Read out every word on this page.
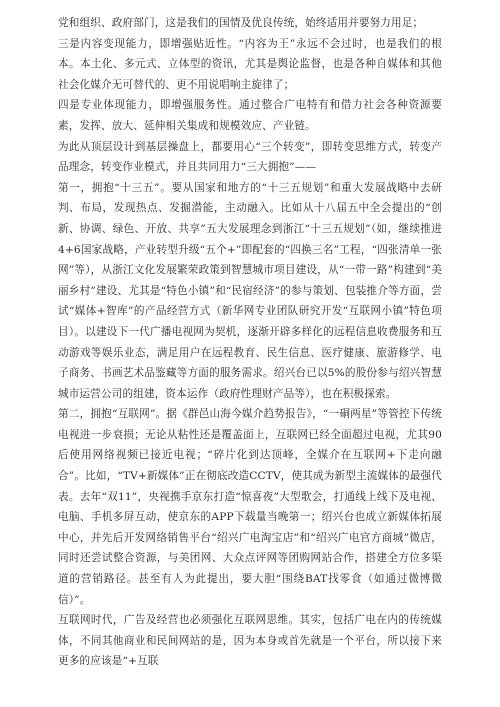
党和组织、政府部门，这是我们的国情及优良传统，始终适用并要努力用足；

三是内容变现能力，即增强贴近性。“内容为王”永远不会过时，也是我们的根本。本土化、多元式、立体型的资讯，尤其是舆论监督，也是各种自媒体和其他社会化媒介无可替代的、更不用说唱响主旋律了；

四是专业体现能力，即增强服务性。通过整合广电特有和借力社会各种资源要素，发挥、放大、延伸相关集成和规模效应、产业链。

为此从顶层设计到基层操盘上，都要用心“三个转变”，即转变思维方式，转变产品理念，转变作业模式，并且共同用力“三大拥抱”——

第一，拥抱“十三五”。要从国家和地方的“十三五规划”和重大发展战略中去研判、布局，发现热点、发掘潜能，主动融入。比如从十八届五中全会提出的“创新、协调、绿色、开放、共享”五大发展理念到浙江“十三五规划”（如，继续推进4+6国家战略，产业转型升级“五个+”即配套的“四换三名”工程，“四张清单一张网”等），从浙江文化发展繁荣政策到智慧城市项目建设，从“一带一路”构建到“美丽乡村”建设、尤其是“特色小镇”和“民宿经济”的参与策划、包装推介等方面，尝试“媒体+智库”的产品经营方式（新华网专业团队研究开发“互联网小镇”特色项目）。以建设下一代广播电视网为契机，逐渐开辟多样化的远程信息收费服务和互动游戏等娱乐业态，满足用户在远程教育、民生信息、医疗健康、旅游修学、电子商务、书画艺术品鉴藏等方面的服务需求。绍兴台已以5%的股份参与绍兴智慧城市运营公司的组建，资本运作（政府性理财产品等），也在积极探索。

第二，拥抱“互联网”。据《群邑山海今媒介趋势报告》，“一硐两星”等管控下传统电视进一步衰损；无论从粘性还是覆盖面上，互联网已经全面超过电视，尤其90后使用网络视频已接近电视；“碎片化到达顶峰，全媒介在互联网+下走向融合”。比如，“TV+新媒体”正在彻底改造CCTV，使其成为新型主流媒体的最强代表。去年“双11”，央视携手京东打造“惊喜夜”大型歌会，打通线上线下及电视、电脑、手机多屏互动，使京东的APP下载量当晚第一；绍兴台也成立新媒体拓展中心，并先后开发网络销售平台“绍兴广电淘宝店”和“绍兴广电官方商城”微店，同时还尝试整合资源，与美团网、大众点评网等团购网站合作，搭建全方位多渠道的营销路径。甚至有人为此提出，要大胆“围绕BAT找零食（如通过微博微信）”。

互联网时代，广告及经营也必须强化互联网思维。其实，包括广电在内的传统媒体，不同其他商业和民间网站的是，因为本身或首先就是一个平台，所以接下来更多的应该是“+互联
